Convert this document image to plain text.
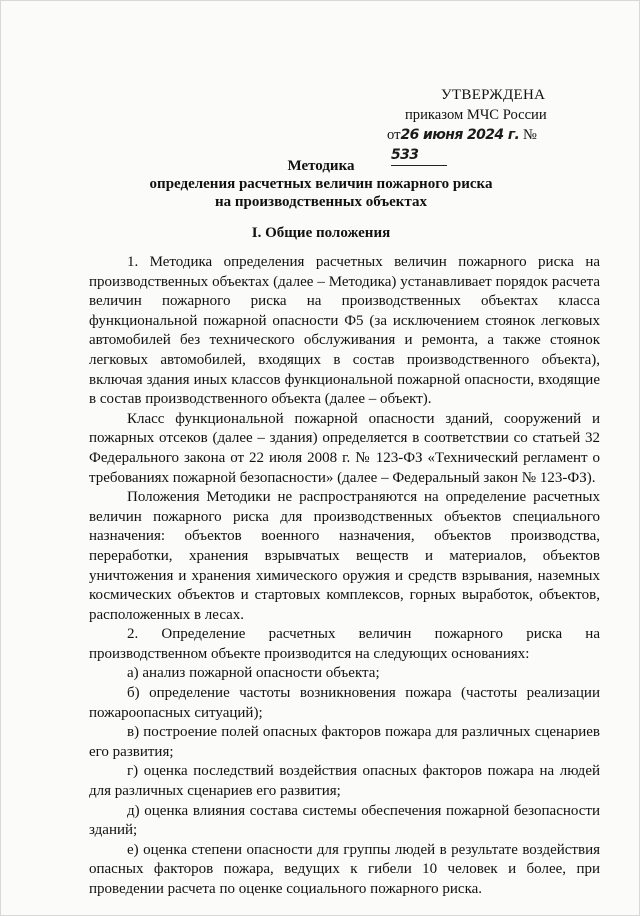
УТВЕРЖДЕНА
приказом МЧС России
от26 июня 2024 г. № 533
Методика
определения расчетных величин пожарного риска
на производственных объектах
I. Общие положения

1. Методика определения расчетных величин пожарного риска на производственных объектах (далее – Методика) устанавливает порядок расчета величин пожарного риска на производственных объектах класса функциональной пожарной опасности Ф5 (за исключением стоянок легковых автомобилей без технического обслуживания и ремонта, а также стоянок легковых автомобилей, входящих в состав производственного объекта), включая здания иных классов функциональной пожарной опасности, входящие в состав производственного объекта (далее – объект).

Класс функциональной пожарной опасности зданий, сооружений и пожарных отсеков (далее – здания) определяется в соответствии со статьей 32 Федерального закона от 22 июля 2008 г. № 123-ФЗ «Технический регламент о требованиях пожарной безопасности» (далее – Федеральный закон № 123-ФЗ).

Положения Методики не распространяются на определение расчетных величин пожарного риска для производственных объектов специального назначения: объектов военного назначения, объектов производства, переработки, хранения взрывчатых веществ и материалов, объектов уничтожения и хранения химического оружия и средств взрывания, наземных космических объектов и стартовых комплексов, горных выработок, объектов, расположенных в лесах.

2. Определение расчетных величин пожарного риска на производственном объекте производится на следующих основаниях:

а) анализ пожарной опасности объекта;

б) определение частоты возникновения пожара (частоты реализации пожароопасных ситуаций);

в) построение полей опасных факторов пожара для различных сценариев его развития;

г) оценка последствий воздействия опасных факторов пожара на людей для различных сценариев его развития;

д) оценка влияния состава системы обеспечения пожарной безопасности зданий;

е) оценка степени опасности для группы людей в результате воздействия опасных факторов пожара, ведущих к гибели 10 человек и более, при проведении расчета по оценке социального пожарного риска.
